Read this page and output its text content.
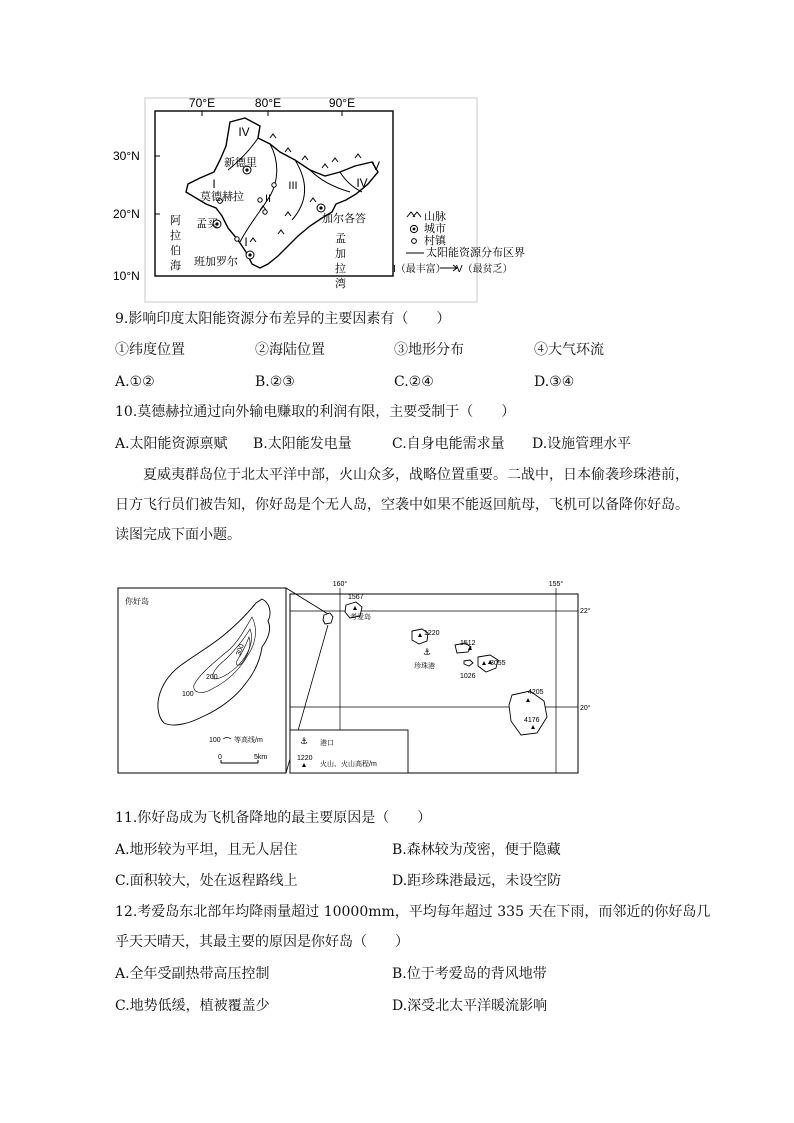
70°E	80°E	90°E
30°N
20°N
10°N
IV
I	III
II
V
IV
I
新德里
莫德赫拉
孟买	加尔各答
班加罗尔
阿
拉
伯
海
孟
加
拉
湾
山脉
城市
村镇
太阳能资源分布区界
I（最丰富） V（最贫乏）
9.影响印度太阳能资源分布差异的主要因素有（　　）
①纬度位置	②海陆位置	③地形分布	④大气环流
A.①②	B.②③	C.②④	D.③④
10.莫德赫拉通过向外输电赚取的利润有限，主要受制于（　　）
A.太阳能资源禀赋 B.太阳能发电量	C.自身电能需求量 D.设施管理水平
夏威夷群岛位于北太平洋中部，火山众多，战略位置重要。二战中，日本偷袭珍珠港前，
日方飞行员们被告知，你好岛是个无人岛，空袭中如果不能返回航母，飞机可以备降你好岛。
读图完成下面小题。
你好岛
300
200
100
100 等高线/m
0	5km
160°	155°
22°
20°
⚓
珍珠港
考爱岛
1567
1220
1512
1026
3055
4205
4176
⚓ 港口
1220
火山、火山高程/m
11.你好岛成为飞机备降地的最主要原因是（　　）
A.地形较为平坦，且无人居住	B.森林较为茂密，便于隐藏
C.面积较大，处在返程路线上	D.距珍珠港最远，未设空防
12.考爱岛东北部年均降雨量超过 10000mm，平均每年超过 335 天在下雨，而邻近的你好岛几
乎天天晴天，其最主要的原因是你好岛（　　）
A.全年受副热带高压控制	B.位于考爱岛的背风地带
C.地势低缓，植被覆盖少	D.深受北太平洋暖流影响
